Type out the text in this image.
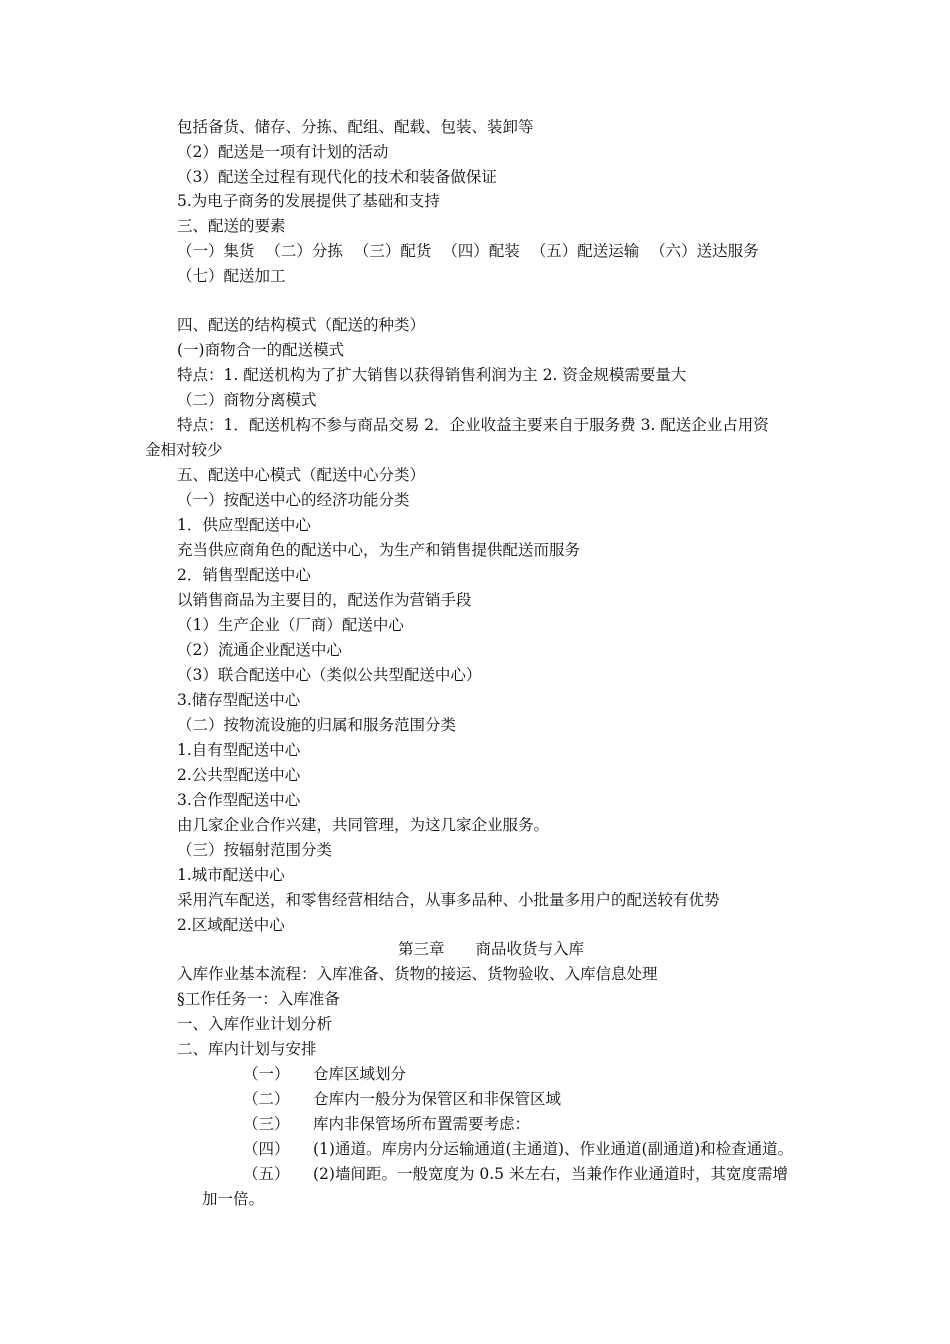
包括备货、储存、分拣、配组、配载、包装、装卸等
（2）配送是一项有计划的活动
（3）配送全过程有现代化的技术和装备做保证
5.为电子商务的发展提供了基础和支持
三、配送的要素
（一）集货 （二）分拣 （三）配货 （四）配装 （五）配送运输 （六）送达服务
（七）配送加工
四、配送的结构模式（配送的种类）
(一)商物合一的配送模式
特点：1. 配送机构为了扩大销售以获得销售利润为主 2. 资金规模需要量大
（二）商物分离模式
特点：1．配送机构不参与商品交易 2．企业收益主要来自于服务费 3. 配送企业占用资
金相对较少
五、配送中心模式（配送中心分类）
（一）按配送中心的经济功能分类
1．供应型配送中心
充当供应商角色的配送中心，为生产和销售提供配送而服务
2．销售型配送中心
以销售商品为主要目的，配送作为营销手段
（1）生产企业（厂商）配送中心
（2）流通企业配送中心
（3）联合配送中心（类似公共型配送中心）
3.储存型配送中心
（二）按物流设施的归属和服务范围分类
1.自有型配送中心
2.公共型配送中心
3.合作型配送中心
由几家企业合作兴建，共同管理，为这几家企业服务。
（三）按辐射范围分类
1.城市配送中心
采用汽车配送，和零售经营相结合，从事多品种、小批量多用户的配送较有优势
2.区域配送中心
第三章　　商品收货与入库
入库作业基本流程：入库准备、货物的接运、货物验收、入库信息处理
§工作任务一：入库准备
一、入库作业计划分析
二、库内计划与安排
（一） 仓库区域划分
（二） 仓库内一般分为保管区和非保管区域
（三） 库内非保管场所布置需要考虑：
（四） (1)通道。库房内分运输通道(主通道)、作业通道(副通道)和检查通道。
（五） (2)墙间距。一般宽度为 0.5 米左右，当兼作作业通道时，其宽度需增
加一倍。
